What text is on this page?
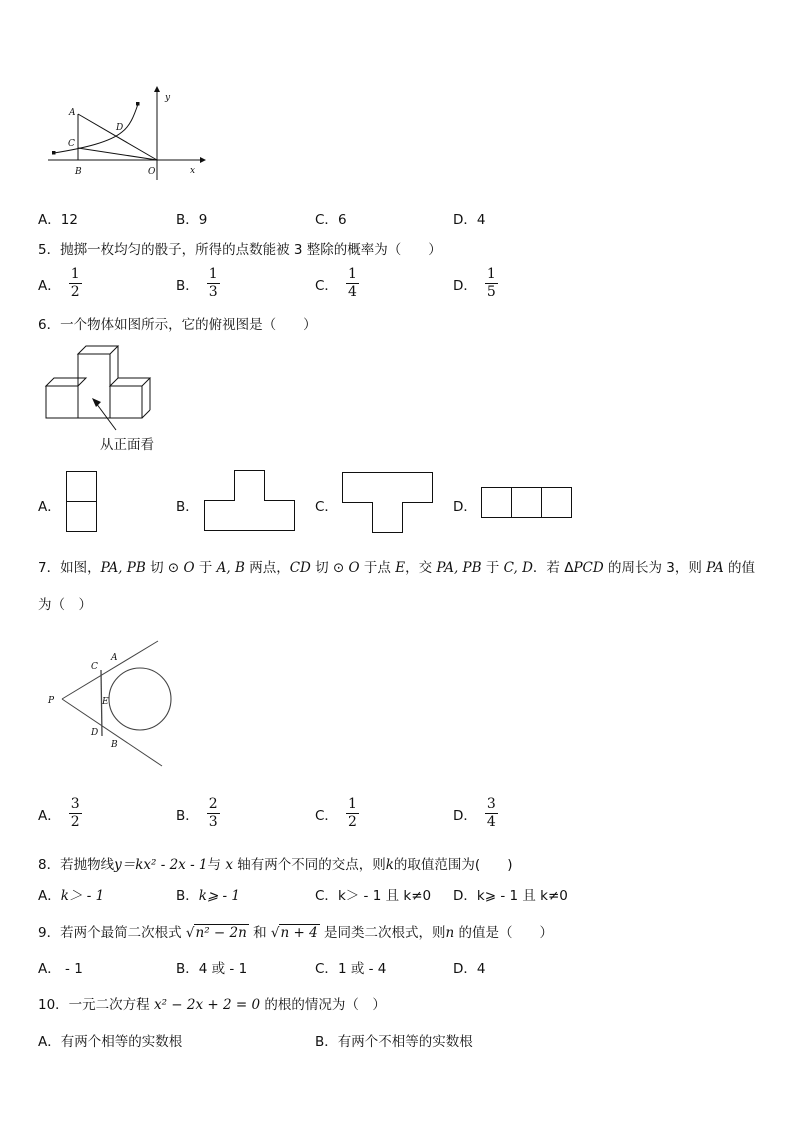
A
C
D
B	O	x
y
A．12	B．9	C．6	D．4
5．抛掷一枚均匀的骰子，所得的点数能被 3 整除的概率为（　　）
A． $\frac{1}{2}$	B． $\frac{1}{3}$	C． $\frac{1}{4}$	D． $\frac{1}{5}$
6．一个物体如图所示，它的俯视图是（　　）
从正面看
A．	B．	C．	D．
7．如图，PA, PB 切 ⊙ O 于 A, B 两点，CD 切 ⊙ O 于点 E，交 PA, PB 于 C, D．若 ΔPCD 的周长为 3，则 PA 的值
为（　）
P
C
A
E
D
B
A． $\frac{3}{2}$	B． $\frac{2}{3}$	C． $\frac{1}{2}$	D． $\frac{3}{4}$
8．若抛物线y＝kx² - 2x - 1与 x 轴有两个不同的交点，则k的取值范围为(　　)
A．k＞ - 1	B．k⩾ - 1	C．k＞ - 1 且 k≠0 D．k⩾ - 1 且 k≠0
9．若两个最简二次根式 √n² − 2n 和 √n + 4 是同类二次根式，则n 的值是（　　）
A． - 1	B．4 或 - 1	C．1 或 - 4	D．4
10．一元二次方程 x² − 2x + 2 = 0 的根的情况为（　）
A．有两个相等的实数根	B．有两个不相等的实数根
